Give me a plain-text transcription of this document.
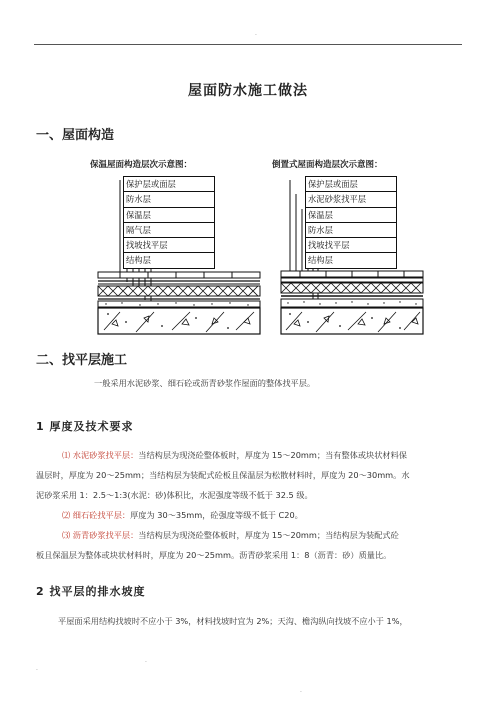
.
屋面防水施工做法
一、屋面构造
保温屋面构造层次示意图：
保护层或面层
防水层
保温层
隔气层
找坡找平层
结构层
倒置式屋面构造层次示意图：
保护层或面层
水泥砂浆找平层
保温层
防水层
找坡找平层
结构层
二、找平层施工
一般采用水泥砂浆、细石砼或沥青砂浆作屋面的整体找平层。
1 厚度及技术要求
⑴ 水泥砂浆找平层：当结构层为现浇砼整体板时，厚度为 15～20mm；当有整体或块状材料保
温层时，厚度为 20～25mm；当结构层为装配式砼板且保温层为松散材料时，厚度为 20～30mm。水
泥砂浆采用 1：2.5～1:3(水泥：砂)体积比，水泥强度等级不低于 32.5 级。
⑵ 细石砼找平层：厚度为 30～35mm，砼强度等级不低于 C20。
⑶ 沥青砂浆找平层：当结构层为现浇砼整体板时，厚度为 15～20mm；当结构层为装配式砼
板且保温层为整体或块状材料时，厚度为 20～25mm。沥青砂浆采用 1：8（沥青：砂）质量比。
2 找平层的排水坡度
平屋面采用结构找坡时不应小于 3%，材料找坡时宜为 2%；天沟、檐沟纵向找坡不应小于 1%，
.
.
.
